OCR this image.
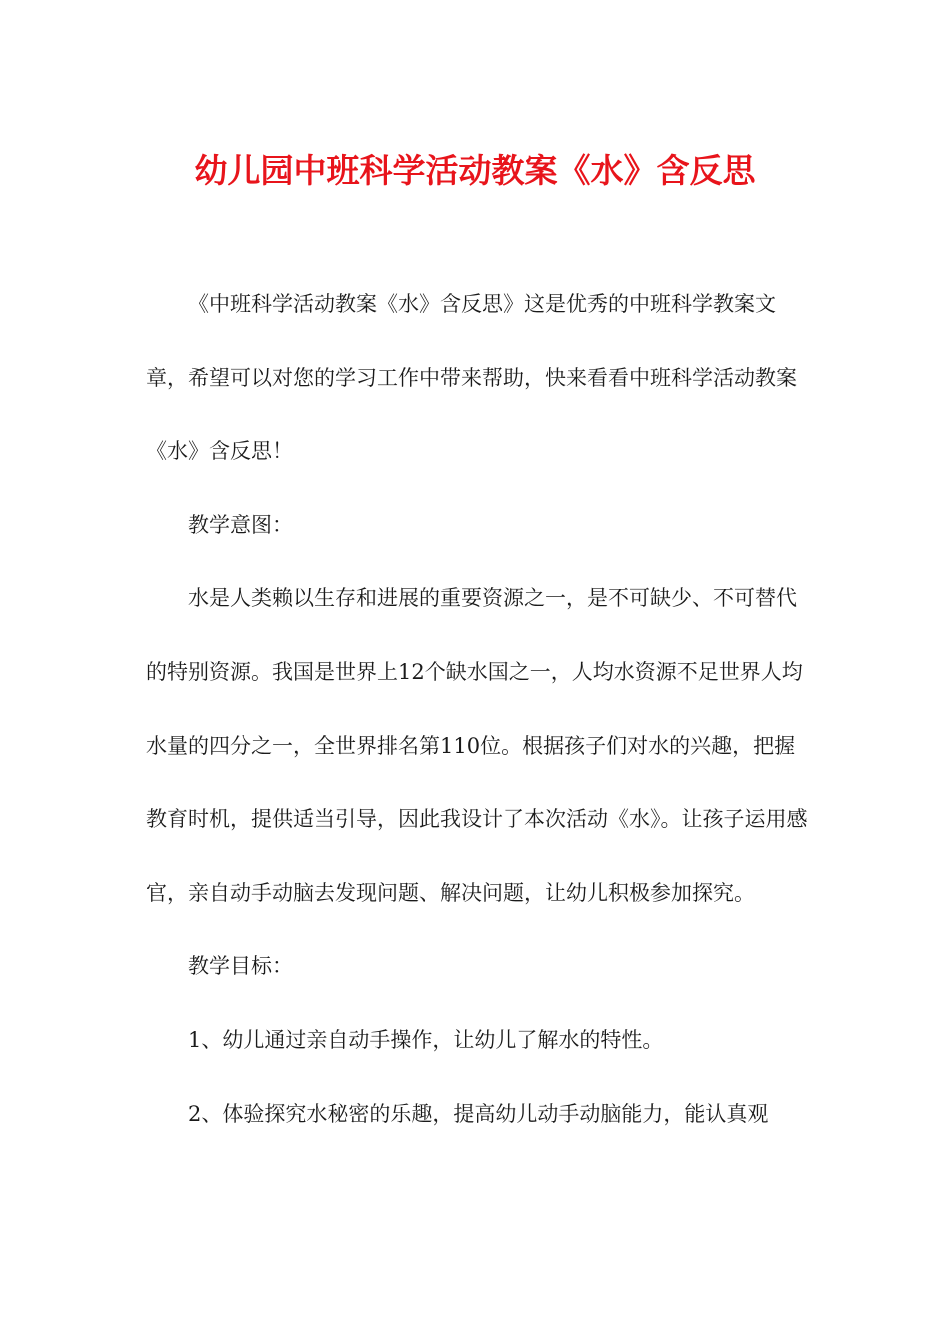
幼儿园中班科学活动教案《水》含反思

《中班科学活动教案《水》含反思》这是优秀的中班科学教案文章，希望可以对您的学习工作中带来帮助，快来看看中班科学活动教案《水》含反思！

教学意图：

水是人类赖以生存和进展的重要资源之一，是不可缺少、不可替代的特别资源。我国是世界上12个缺水国之一，人均水资源不足世界人均水量的四分之一，全世界排名第110位。根据孩子们对水的兴趣，把握教育时机，提供适当引导，因此我设计了本次活动《水》。让孩子运用感官，亲自动手动脑去发现问题、解决问题，让幼儿积极参加探究。

教学目标：

1、幼儿通过亲自动手操作，让幼儿了解水的特性。

2、体验探究水秘密的乐趣，提高幼儿动手动脑能力，能认真观
